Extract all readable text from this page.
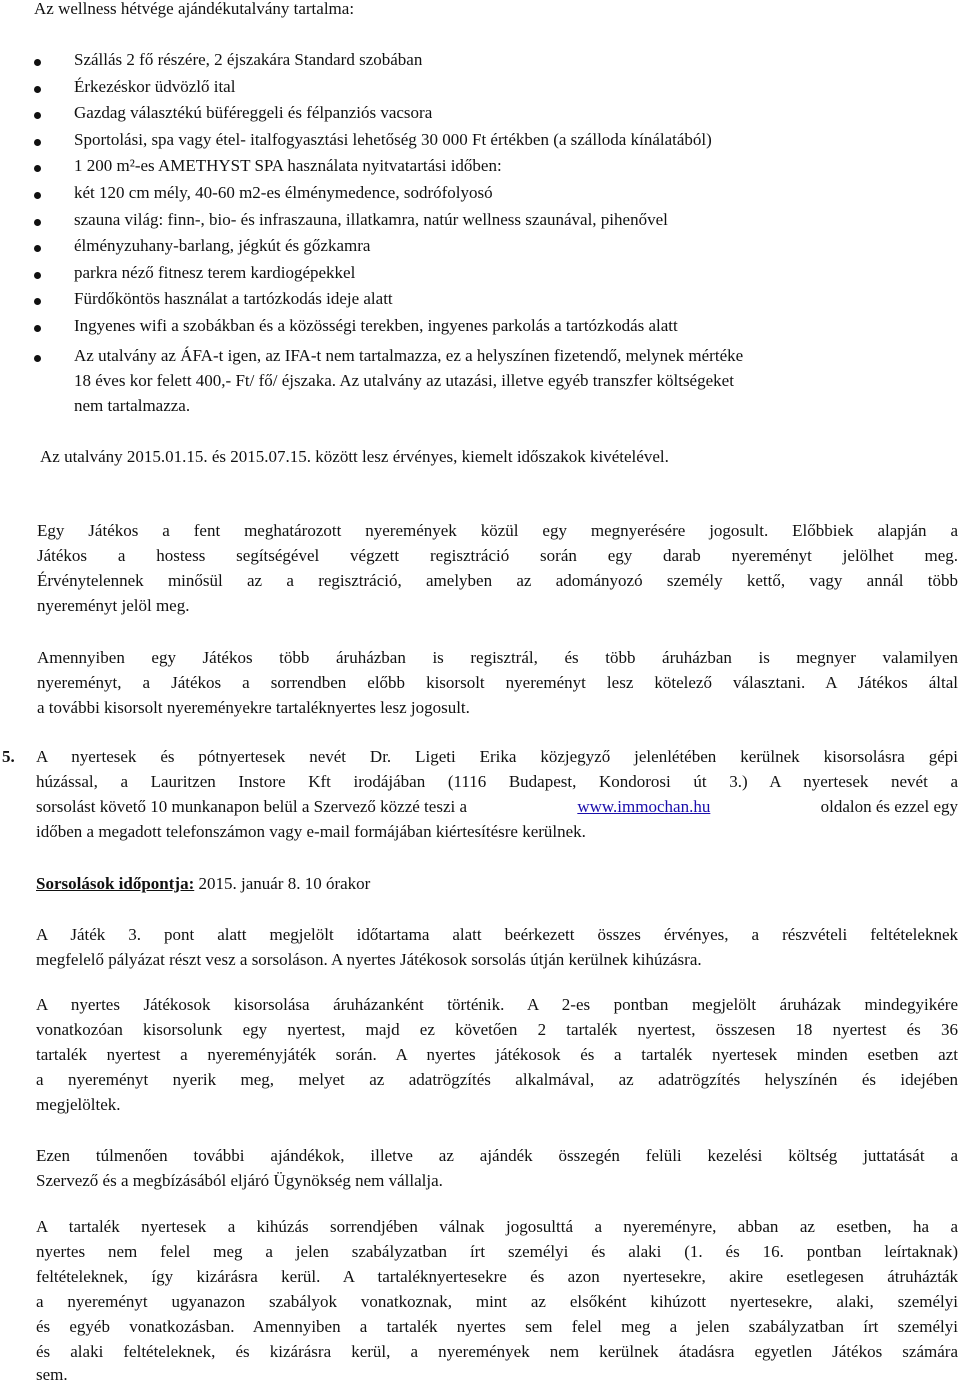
Az wellness hétvége ajándékutalvány tartalma:
Szállás 2 fő részére, 2 éjszakára Standard szobában
Érkezéskor üdvözlő ital
Gazdag választékú büféreggeli és félpanziós vacsora
Sportolási, spa vagy étel- italfogyasztási lehetőség 30 000 Ft értékben (a szálloda kínálatából)
1 200 m²-es AMETHYST SPA használata nyitvatartási időben:
két 120 cm mély, 40-60 m2-es élménymedence, sodrófolyosó
szauna világ: finn-, bio- és infraszauna, illatkamra, natúr wellness szaunával, pihenővel
élményzuhany-barlang, jégkút és gőzkamra
parkra néző fitnesz terem kardiogépekkel
Fürdőköntös használat a tartózkodás ideje alatt
Ingyenes wifi a szobákban és a közösségi terekben, ingyenes parkolás a tartózkodás alatt
Az utalvány az ÁFA-t igen, az IFA-t nem tartalmazza, ez a helyszínen fizetendő, melynek mértéke
18 éves kor felett 400,- Ft/ fő/ éjszaka. Az utalvány az utazási, illetve egyéb transzfer költségeket
nem tartalmazza.
Az utalvány 2015.01.15. és 2015.07.15. között lesz érvényes, kiemelt időszakok kivételével.
Egy Játékos a fent meghatározott nyeremények közül egy megnyerésére jogosult. Előbbiek alapján a
Játékos a hostess segítségével végzett regisztráció során egy darab nyereményt jelölhet meg.
Érvénytelennek minősül az a regisztráció, amelyben az adományozó személy kettő, vagy annál több
nyereményt jelöl meg.
Amennyiben egy Játékos több áruházban is regisztrál, és több áruházban is megnyer valamilyen
nyereményt, a Játékos a sorrendben előbb kisorsolt nyereményt lesz kötelező választani. A Játékos által
a további kisorsolt nyereményekre tartaléknyertes lesz jogosult.
5. A nyertesek és pótnyertesek nevét Dr. Ligeti Erika közjegyző jelenlétében kerülnek kisorsolásra gépi
húzással, a Lauritzen Instore Kft irodájában (1116 Budapest, Kondorosi út 3.) A nyertesek nevét a
sorsolást követő 10 munkanapon belül a Szervező közzé teszi a	www.immochan.hu	oldalon és ezzel egy
időben a megadott telefonszámon vagy e-mail formájában kiértesítésre kerülnek.
Sorsolások időpontja: 2015. január 8. 10 órakor
A Játék 3. pont alatt megjelölt időtartama alatt beérkezett összes érvényes, a részvételi feltételeknek
megfelelő pályázat részt vesz a sorsoláson. A nyertes Játékosok sorsolás útján kerülnek kihúzásra.
A nyertes Játékosok kisorsolása áruházanként történik. A 2-es pontban megjelölt áruházak mindegyikére
vonatkozóan kisorsolunk egy nyertest, majd ez követően 2 tartalék nyertest, összesen 18 nyertest és 36
tartalék nyertest a nyereményjáték során. A nyertes játékosok és a tartalék nyertesek minden esetben azt
a nyereményt nyerik meg, melyet az adatrögzítés alkalmával, az adatrögzítés helyszínén és idejében
megjelöltek.
Ezen túlmenően további ajándékok, illetve az ajándék összegén felüli kezelési költség juttatását a
Szervező és a megbízásából eljáró Ügynökség nem vállalja.
A tartalék nyertesek a kihúzás sorrendjében válnak jogosulttá a nyereményre, abban az esetben, ha a
nyertes nem felel meg a jelen szabályzatban írt személyi és alaki (1. és 16. pontban leírtaknak)
feltételeknek, így kizárásra kerül. A tartaléknyertesekre és azon nyertesekre, akire esetlegesen átruházták
a nyereményt ugyanazon szabályok vonatkoznak, mint az elsőként kihúzott nyertesekre, alaki, személyi
és egyéb vonatkozásban. Amennyiben a tartalék nyertes sem felel meg a jelen szabályzatban írt személyi
és alaki feltételeknek, és kizárásra kerül, a nyeremények nem kerülnek átadásra egyetlen Játékos számára
sem.
